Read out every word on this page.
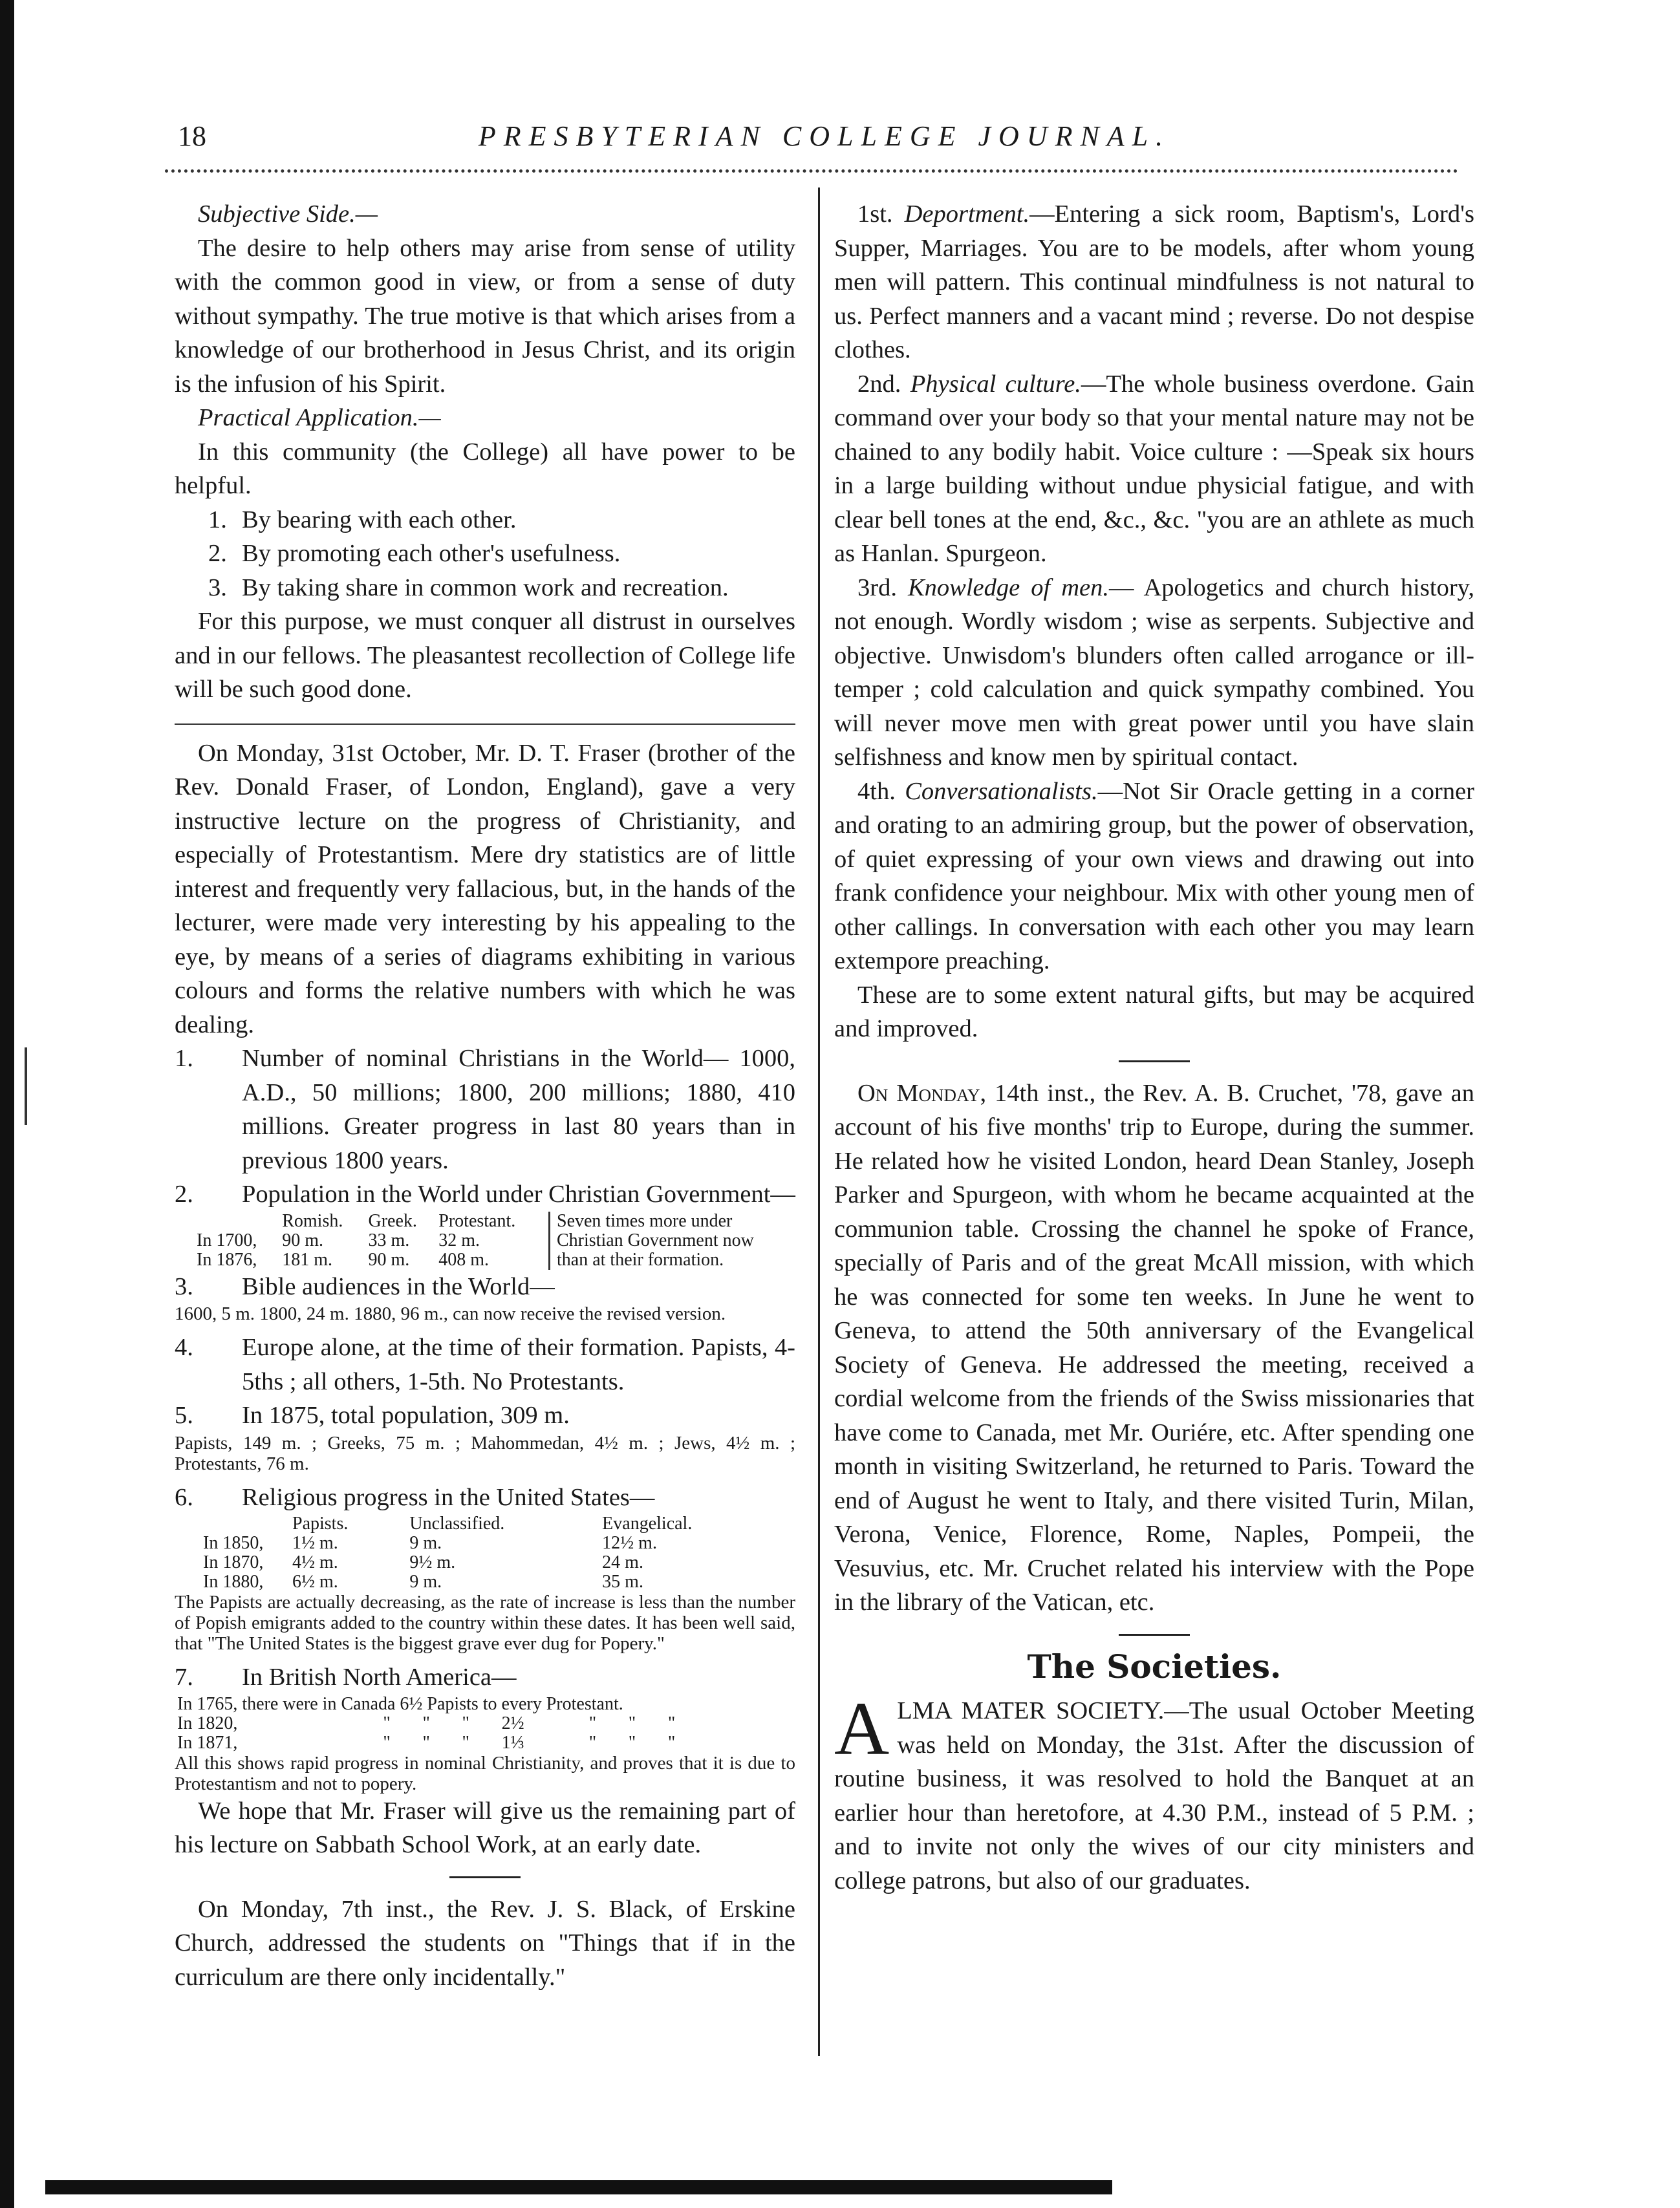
18	PRESBYTERIAN COLLEGE JOURNAL.

Subjective Side.—

The desire to help others may arise from sense of utility with the common good in view, or from a sense of duty without sympathy. The true motive is that which arises from a knowledge of our brotherhood in Jesus Christ, and its origin is the infusion of his Spirit.

Practical Application.—

In this community (the College) all have power to be helpful.

1. By bearing with each other.
2. By promoting each other's usefulness.
3. By taking share in common work and recreation.

For this purpose, we must conquer all distrust in ourselves and in our fellows. The pleasantest recollection of College life will be such good done.

On Monday, 31st October, Mr. D. T. Fraser (brother of the Rev. Donald Fraser, of London, England), gave a very instructive lecture on the progress of Christianity, and especially of Protestantism. Mere dry statistics are of little interest and frequently very fallacious, but, in the hands of the lecturer, were made very interesting by his appealing to the eye, by means of a series of diagrams exhibiting in various colours and forms the relative numbers with which he was dealing.

1. Number of nominal Christians in the World— 1000, A.D., 50 millions; 1800, 200 millions; 1880, 410 millions. Greater progress in last 80 years than in previous 1800 years.

2. Population in the World under Christian Government—

	Romish.	Greek.	Protestant.
In 1700,	90 m.	33 m.	32 m.
In 1876,	181 m.	90 m.	408 m.
Seven times more under
Christian Government now
than at their formation.

3. Bible audiences in the World—

1600, 5 m. 1800, 24 m. 1880, 96 m., can now receive the revised version.

4. Europe alone, at the time of their formation. Papists, 4-5ths ; all others, 1-5th. No Protestants.

5. In 1875, total population, 309 m.

Papists, 149 m. ; Greeks, 75 m. ; Mahommedan, 4½ m. ; Jews, 4½ m. ; Protestants, 76 m.

6. Religious progress in the United States—

	Papists.	Unclassified.	Evangelical.
In 1850,	1½ m.	9 m.	12½ m.
In 1870,	4½ m.	9½ m.	24 m.
In 1880,	6½ m.	9 m.	35 m.

The Papists are actually decreasing, as the rate of increase is less than the number of Popish emigrants added to the country within these dates. It has been well said, that "The United States is the biggest grave ever dug for Popery."

7. In British North America—

In 1765, there were in Canada 6½ Papists to every Protestant.							
In 1820,	"	"	"	2½	"	"	"
In 1871,	"	"	"	1⅓	"	"	"

All this shows rapid progress in nominal Christianity, and proves that it is due to Protestantism and not to popery.

We hope that Mr. Fraser will give us the remaining part of his lecture on Sabbath School Work, at an early date.

On Monday, 7th inst., the Rev. J. S. Black, of Erskine Church, addressed the students on "Things that if in the curriculum are there only incidentally."

1st. Deportment.—Entering a sick room, Baptism's, Lord's Supper, Marriages. You are to be models, after whom young men will pattern. This continual mindfulness is not natural to us. Perfect manners and a vacant mind ; reverse. Do not despise clothes.

2nd. Physical culture.—The whole business overdone. Gain command over your body so that your mental nature may not be chained to any bodily habit. Voice culture : —Speak six hours in a large building without undue physicial fatigue, and with clear bell tones at the end, &c., &c. "you are an athlete as much as Hanlan. Spurgeon.

3rd. Knowledge of men.— Apologetics and church history, not enough. Wordly wisdom ; wise as serpents. Subjective and objective. Unwisdom's blunders often called arrogance or ill-temper ; cold calculation and quick sympathy combined. You will never move men with great power until you have slain selfishness and know men by spiritual contact.

4th. Conversationalists.—Not Sir Oracle getting in a corner and orating to an admiring group, but the power of observation, of quiet expressing of your own views and drawing out into frank confidence your neighbour. Mix with other young men of other callings. In conversation with each other you may learn extempore preaching.

These are to some extent natural gifts, but may be acquired and improved.

On Monday, 14th inst., the Rev. A. B. Cruchet, '78, gave an account of his five months' trip to Europe, during the summer. He related how he visited London, heard Dean Stanley, Joseph Parker and Spurgeon, with whom he became acquainted at the communion table. Crossing the channel he spoke of France, specially of Paris and of the great McAll mission, with which he was connected for some ten weeks. In June he went to Geneva, to attend the 50th anniversary of the Evangelical Society of Geneva. He addressed the meeting, received a cordial welcome from the friends of the Swiss missionaries that have come to Canada, met Mr. Ouriére, etc. After spending one month in visiting Switzerland, he returned to Paris. Toward the end of August he went to Italy, and there visited Turin, Milan, Verona, Venice, Florence, Rome, Naples, Pompeii, the Vesuvius, etc. Mr. Cruchet related his interview with the Pope in the library of the Vatican, etc.

The Societies.

ALMA MATER SOCIETY.—The usual October Meeting was held on Monday, the 31st. After the discussion of routine business, it was resolved to hold the Banquet at an earlier hour than heretofore, at 4.30 P.M., instead of 5 P.M. ; and to invite not only the wives of our city ministers and college patrons, but also of our graduates.
